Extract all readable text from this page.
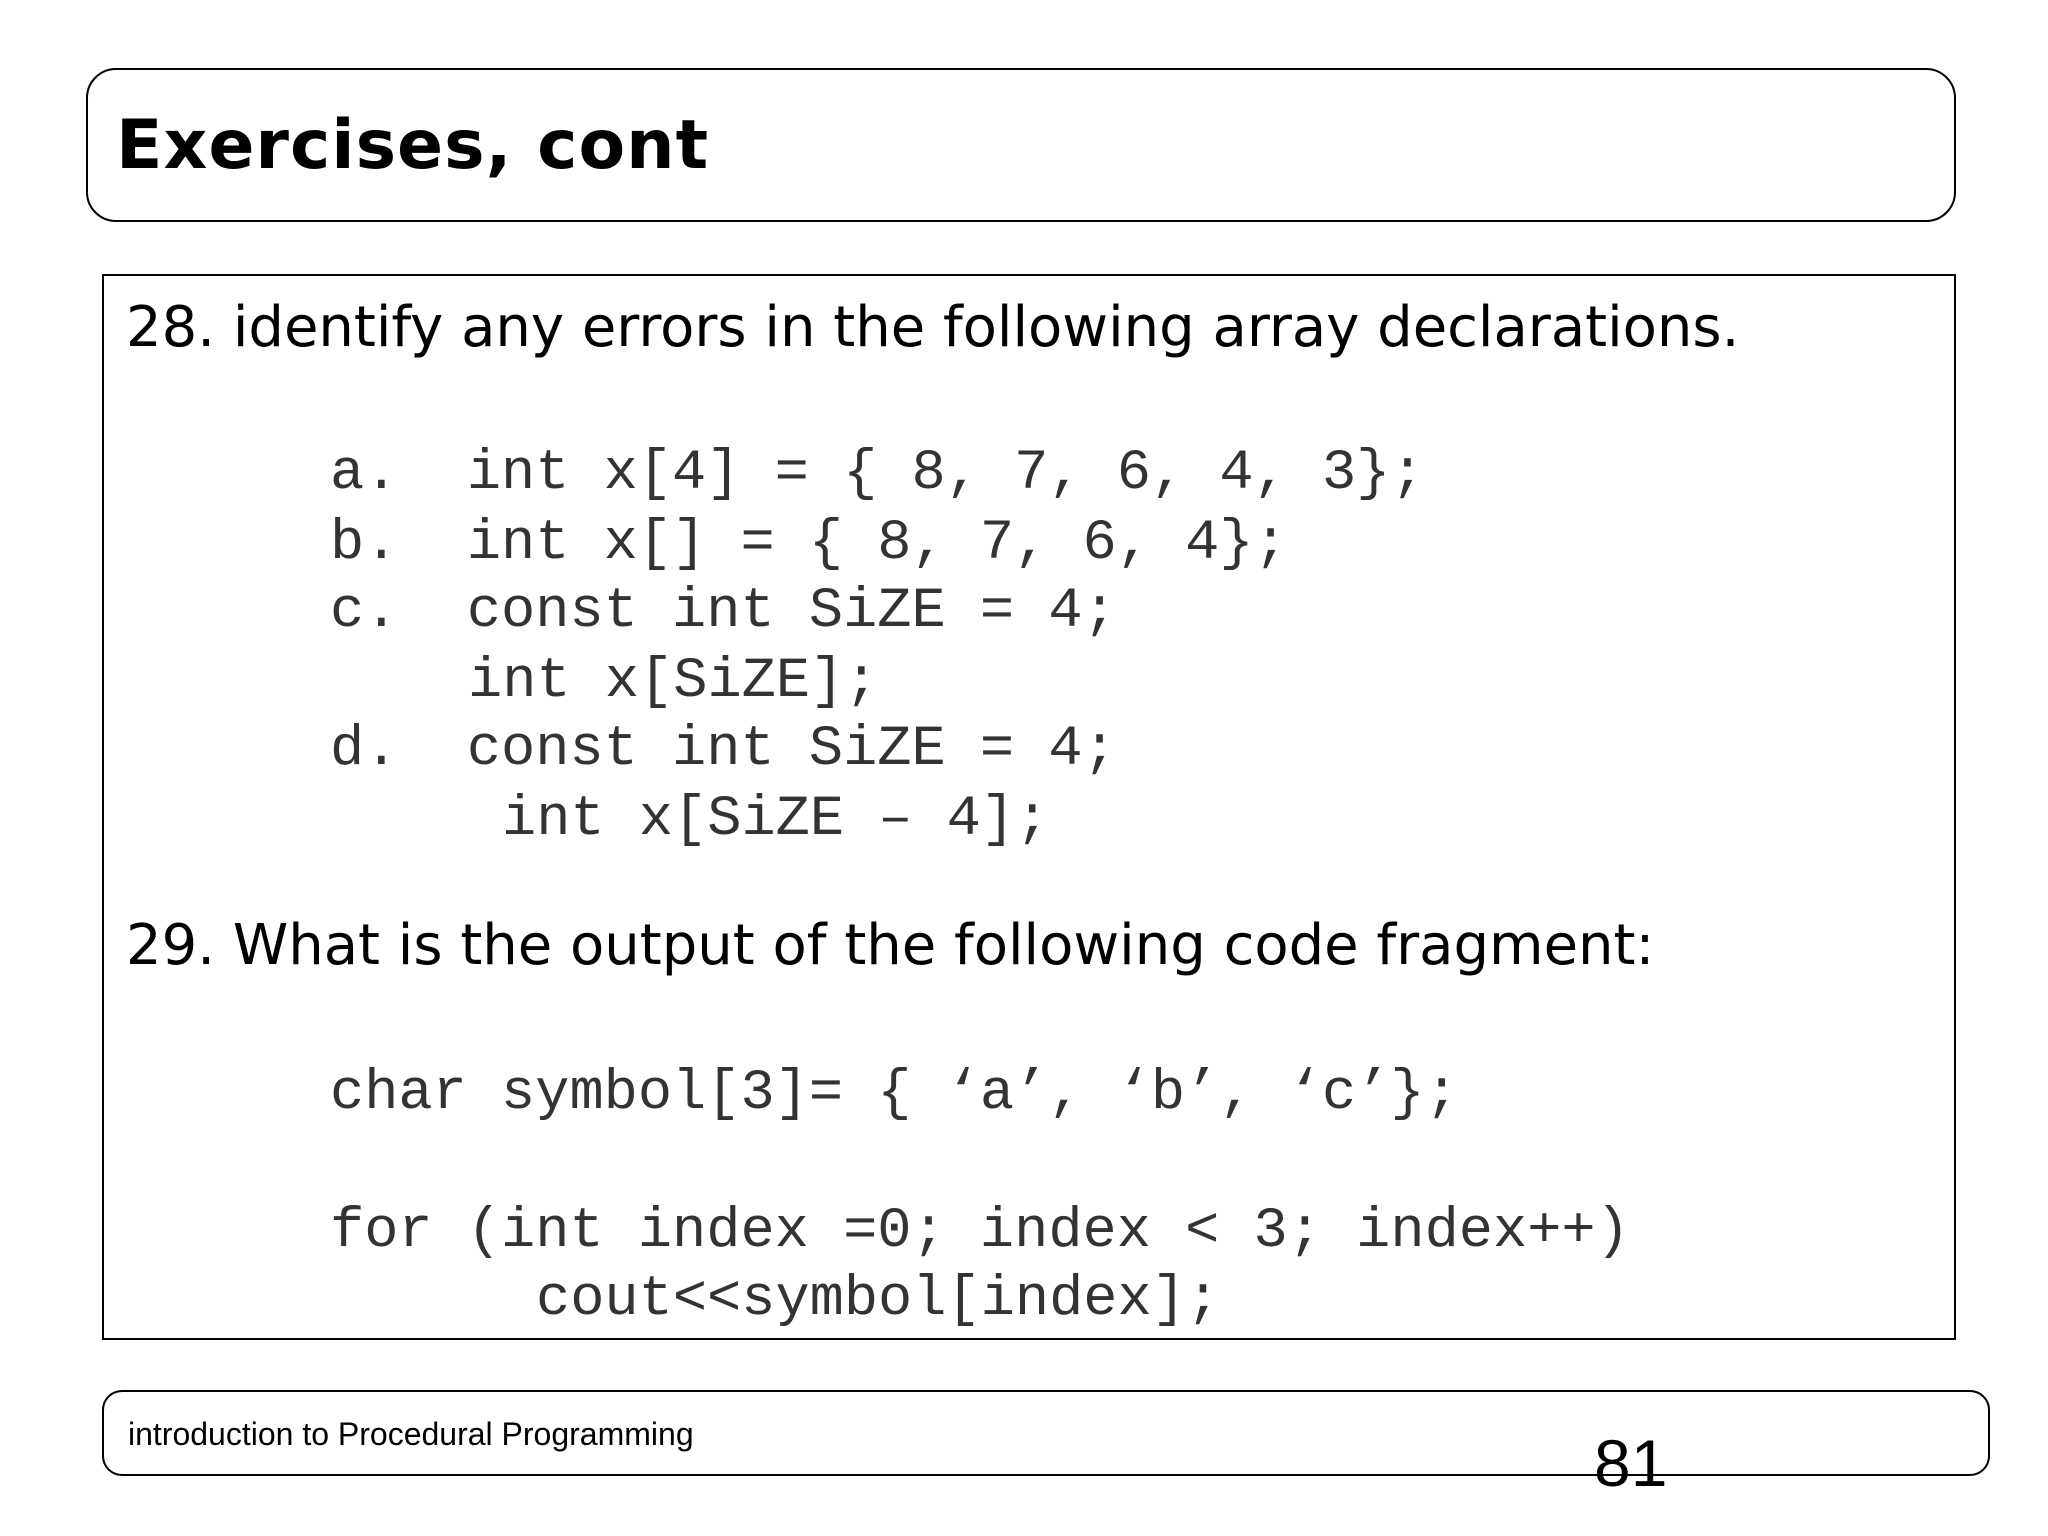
Exercises, cont
28. identify any errors in the following array declarations.
a.  int x[4] = { 8, 7, 6, 4, 3};
b.  int x[] = { 8, 7, 6, 4};
c.  const int SiZE = 4;
int x[SiZE];
d.  const int SiZE = 4;
int x[SiZE – 4];
29. What is the output of the following code fragment:
char symbol[3]= { ‘a’, ‘b’, ‘c’};
for (int index =0; index < 3; index++)
cout<<symbol[index];
introduction to Procedural Programming	81
